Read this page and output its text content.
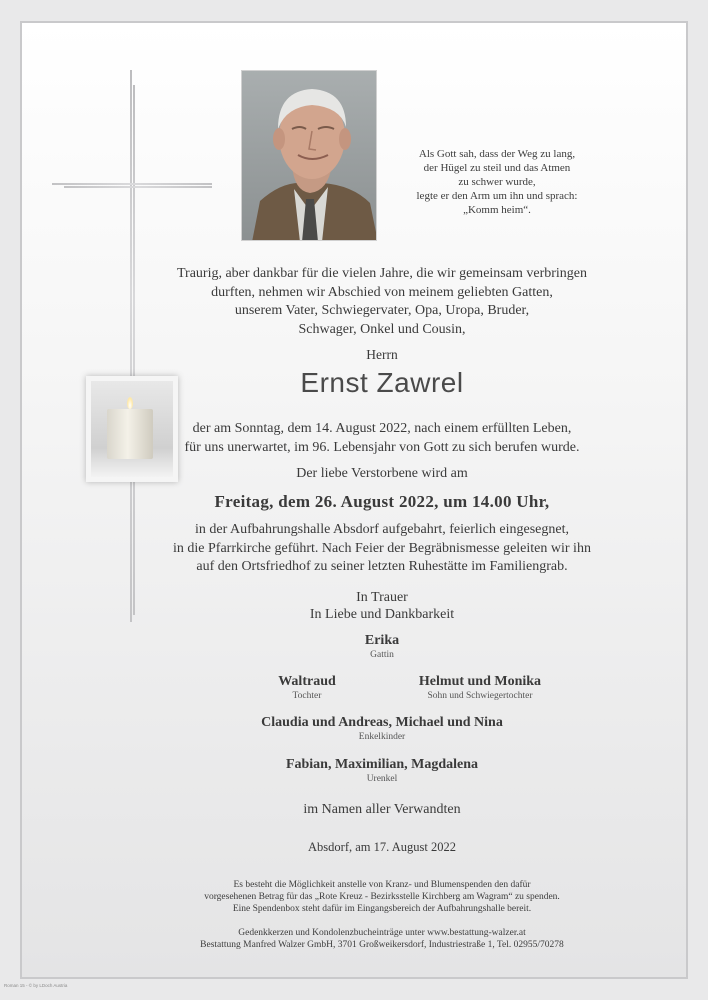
Als Gott sah, dass der Weg zu lang,
der Hügel zu steil und das Atmen
zu schwer wurde,
legte er den Arm um ihn und sprach:
„Komm heim“.
Traurig, aber dankbar für die vielen Jahre, die wir gemeinsam verbringen
durften, nehmen wir Abschied von meinem geliebten Gatten,
unserem Vater, Schwiegervater, Opa, Uropa, Bruder,
Schwager, Onkel und Cousin,
Herrn
Ernst Zawrel
der am Sonntag, dem 14. August 2022, nach einem erfüllten Leben,
für uns unerwartet, im 96. Lebensjahr von Gott zu sich berufen wurde.
Der liebe Verstorbene wird am
Freitag, dem 26. August 2022, um 14.00 Uhr,
in der Aufbahrungshalle Absdorf aufgebahrt, feierlich eingesegnet,
in die Pfarrkirche geführt. Nach Feier der Begräbnismesse geleiten wir ihn
auf den Ortsfriedhof zu seiner letzten Ruhestätte im Familiengrab.
In Trauer
In Liebe und Dankbarkeit
Erika
Gattin
Waltraud
Tochter
Helmut und Monika
Sohn und Schwiegertochter
Claudia und Andreas, Michael und Nina
Enkelkinder
Fabian, Maximilian, Magdalena
Urenkel
im Namen aller Verwandten
Absdorf, am 17. August 2022
Es besteht die Möglichkeit anstelle von Kranz- und Blumenspenden den dafür
vorgesehenen Betrag für das „Rote Kreuz - Bezirksstelle Kirchberg am Wagram“ zu spenden.
Eine Spendenbox steht dafür im Eingangsbereich der Aufbahrungshalle bereit.
Gedenkkerzen und Kondolenzbucheinträge unter www.bestattung-walzer.at
Bestattung Manfred Walzer GmbH, 3701 Großweikersdorf, Industriestraße 1, Tel. 02955/70278
Roman 15 - © by LDoch Austria
